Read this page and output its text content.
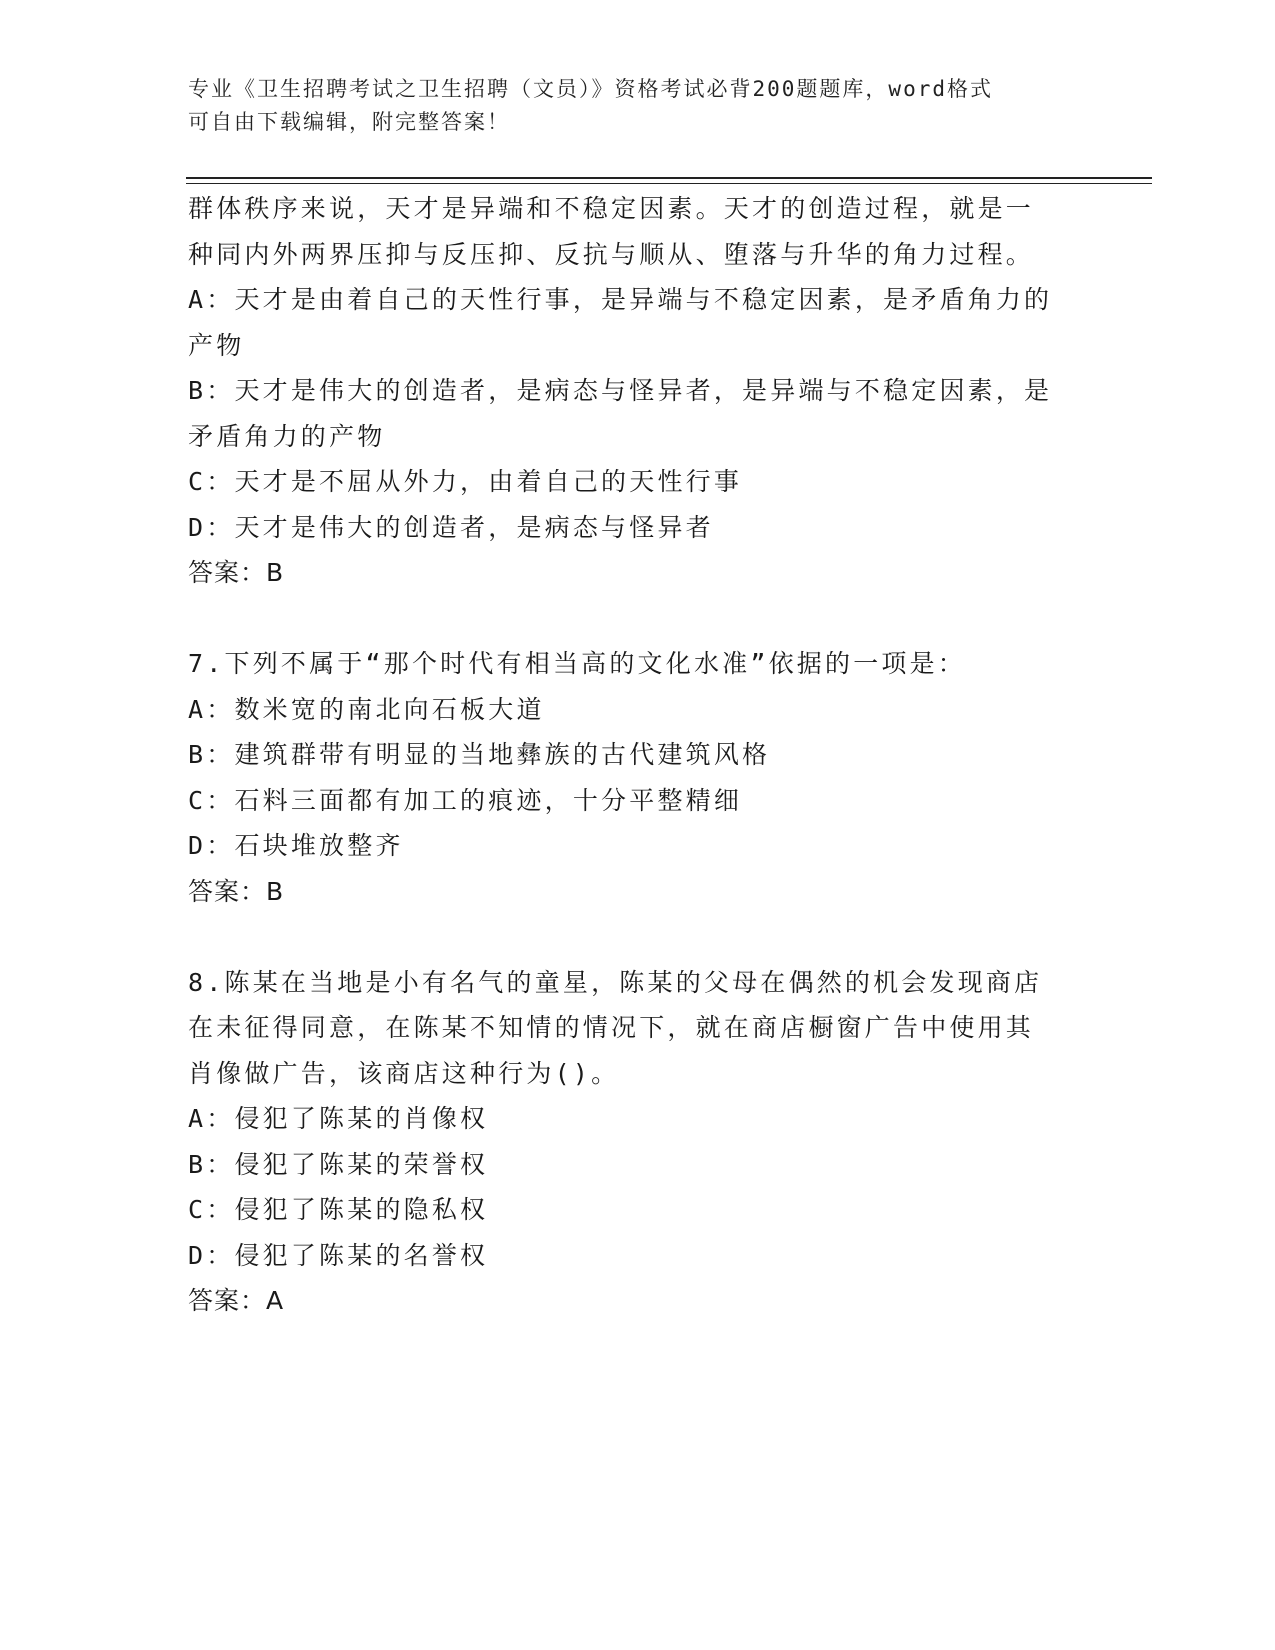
专业《卫生招聘考试之卫生招聘（文员）》资格考试必背200题题库，word格式
可自由下载编辑，附完整答案！
群体秩序来说，天才是异端和不稳定因素。天才的创造过程，就是一
种同内外两界压抑与反压抑、反抗与顺从、堕落与升华的角力过程。
A：天才是由着自己的天性行事，是异端与不稳定因素，是矛盾角力的
产物
B：天才是伟大的创造者，是病态与怪异者，是异端与不稳定因素，是
矛盾角力的产物
C：天才是不屈从外力，由着自己的天性行事
D：天才是伟大的创造者，是病态与怪异者
答案：B
7.下列不属于“那个时代有相当高的文化水准”依据的一项是：
A：数米宽的南北向石板大道
B：建筑群带有明显的当地彝族的古代建筑风格
C：石料三面都有加工的痕迹，十分平整精细
D：石块堆放整齐
答案：B
8.陈某在当地是小有名气的童星，陈某的父母在偶然的机会发现商店
在未征得同意，在陈某不知情的情况下，就在商店橱窗广告中使用其
肖像做广告，该商店这种行为()。
A：侵犯了陈某的肖像权
B：侵犯了陈某的荣誉权
C：侵犯了陈某的隐私权
D：侵犯了陈某的名誉权
答案：A
